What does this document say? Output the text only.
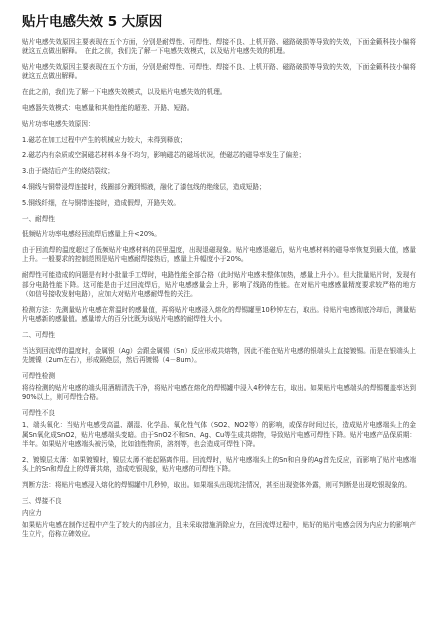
贴片电感失效 5 大原因
贴片电感失效原因主要表现在五个方面，分别是耐焊性、可焊性、焊接不良、上机开路、磁路破损等导致的失效，下面金籁科技小编将就这五点做出解释。　在此之前，我们先了解一下电感失效模式，以及贴片电感失效的机理。
贴片电感失效原因主要表现在五个方面，分别是耐焊性、可焊性、焊接不良、上机开路、磁路破损等导致的失效，下面金籁科技小编将就这五点做出解释。
在此之前，我们先了解一下电感失效模式，以及贴片电感失效的机理。
电感器失效模式：电感量和其他性能的超差、开路、短路。
贴片功率电感失效原因：
1.磁芯在加工过程中产生的机械应力较大，未得到释放；
2.磁芯内有杂质或空洞磁芯材料本身不均匀，影响磁芯的磁场状况，使磁芯的磁导率发生了偏差；
3.由于烧结后产生的烧结裂纹；
4.铜线与铜带浸焊连接时，线圈部分溅到锡液，融化了漆包线的绝缘层，造成短路；
5.铜线纤细，在与铜带连接时，造成假焊，开路失效。
一、耐焊性
低频贴片功率电感经回流焊后感量上升<20%。
由于回流焊的温度超过了低频贴片电感材料的居里温度，出现退磁现象。贴片电感退磁后，贴片电感材料的磁导率恢复到最大值，感量上升。一般要求的控制范围是贴片电感耐焊接热后，感量上升幅度小于20%。
耐焊性可能造成的问题是有时小批量手工焊时，电路性能全部合格（此时贴片电感未整体加热，感量上升小）。但大批量贴片时，发现有部分电路性能下降。这可能是由于过回流焊后，贴片电感感量会上升，影响了线路的性能。在对贴片电感感量精度要求较严格的地方（如信号接收发射电路），应加大对贴片电感耐焊性的关注。
检测方法：先测量贴片电感在常温时的感量值，再将贴片电感浸入熔化的焊锡罐里10秒钟左右，取出。待贴片电感彻底冷却后，测量贴片电感新的感量值。感量增大的百分比既为该贴片电感的耐焊性大小。
二、可焊性
当达到回流焊的温度时，金属银（Ag）会跟金属锡（Sn）反应形成共熔物，因此不能在贴片电感的银端头上直接镀锡。而是在银端头上先镀镍（2um左右），形成隔绝层，然后再镀锡（4－8um）。
可焊性检测
将待检测的贴片电感的端头用酒精清洗干净，将贴片电感在熔化的焊锡罐中浸入4秒钟左右，取出。如果贴片电感端头的焊锡覆盖率达到90%以上，则可焊性合格。
可焊性不良
1、端头氧化：当贴片电感受高温、潮湿、化学品、氧化性气体（SO2、NO2等）的影响，或保存时间过长，造成贴片电感端头上的金属Sn氧化成SnO2，贴片电感端头变暗。由于SnO2不和Sn、Ag、Cu等生成共熔物，导致贴片电感可焊性下降。贴片电感产品保质期：半年。如果贴片电感端头被污染，比如油性物质，溶剂等，也会造成可焊性下降。
2、镀镍层太薄：如果镀镍时，镍层太薄不能起隔离作用。回流焊时，贴片电感端头上的Sn和自身的Ag首先反应，而影响了贴片电感端头上的Sn和焊盘上的焊膏共熔，造成吃银现象，贴片电感的可焊性下降。
判断方法：将贴片电感浸入熔化的焊锡罐中几秒钟，取出。如果端头出现坑洼情况，甚至出现瓷体外露，则可判断是出现吃银现象的。
三、焊接不良
内应力
如果贴片电感在制作过程中产生了较大的内部应力，且未采取措施消除应力，在回流焊过程中，贴好的贴片电感会因为内应力的影响产生立片，俗称立碑效应。
